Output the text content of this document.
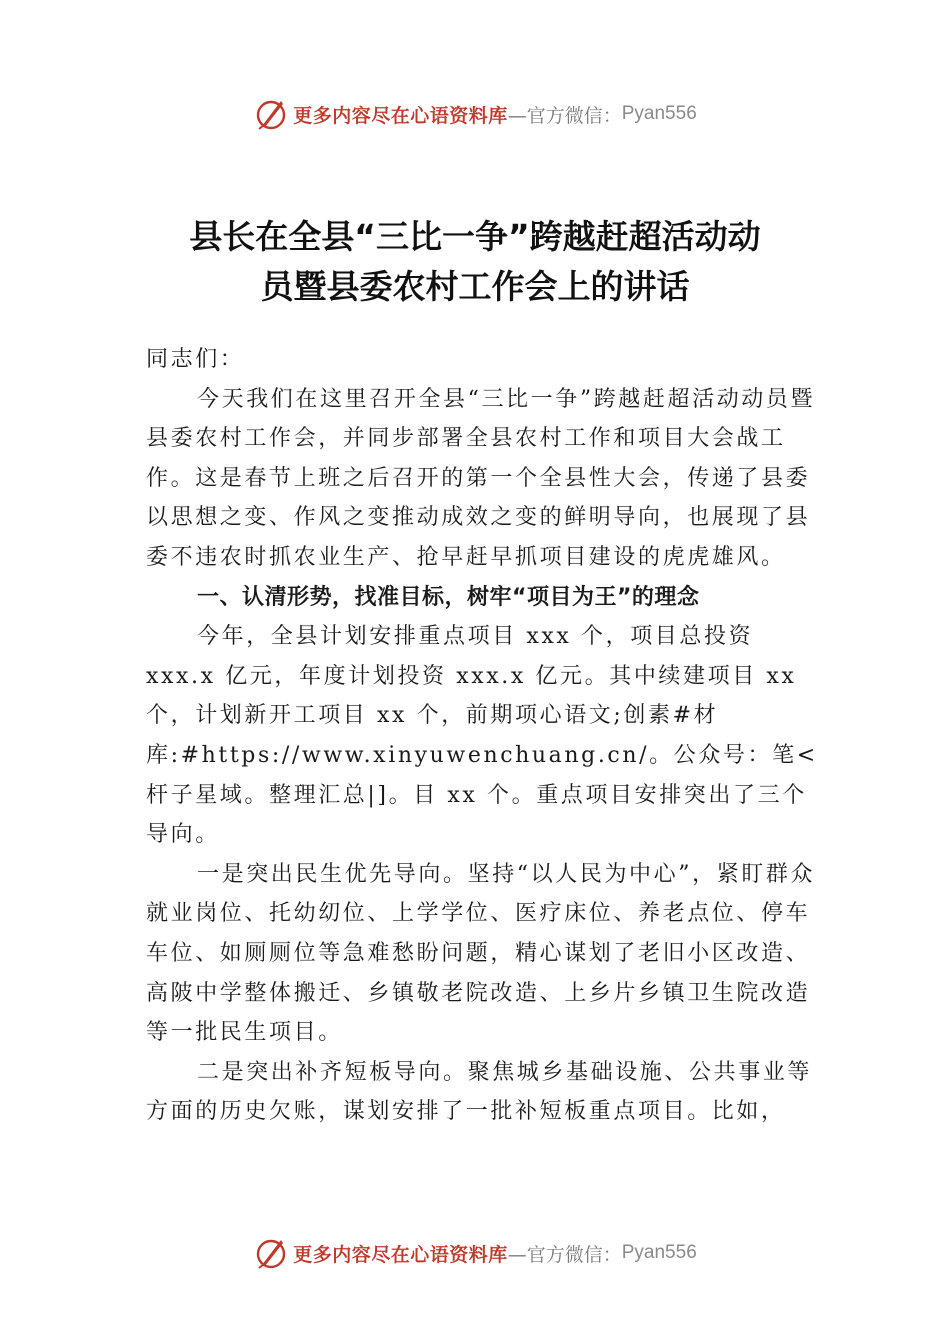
更多内容尽在心语资料库 —官方微信： Pyan556
县长在全县“三比一争”跨越赶超活动动
员暨县委农村工作会上的讲话

同志们：

今天我们在这里召开全县“三比一争”跨越赶超活动动员暨县委农村工作会，并同步部署全县农村工作和项目大会战工作。这是春节上班之后召开的第一个全县性大会，传递了县委以思想之变、作风之变推动成效之变的鲜明导向，也展现了县委不违农时抓农业生产、抢早赶早抓项目建设的虎虎雄风。

一、认清形势，找准目标，树牢“项目为王”的理念

今年，全县计划安排重点项目 xxx 个，项目总投资 xxx.x 亿元，年度计划投资 xxx.x 亿元。其中续建项目 xx 个，计划新开工项目 xx 个，前期项心语文;创素#材库:#https://www.xinyuwenchuang.cn/。公众号：笔<杆子星域。整理汇总|]。目 xx 个。重点项目安排突出了三个导向。

一是突出民生优先导向。坚持“以人民为中心”，紧盯群众就业岗位、托幼㓜位、上学学位、医疗床位、养老点位、停车车位、如厕厕位等急难愁盼问题，精心谋划了老旧小区改造、高陂中学整体搬迁、乡镇敬老院改造、上乡片乡镇卫生院改造等一批民生项目。

二是突出补齐短板导向。聚焦城乡基础设施、公共事业等方面的历史欠账，谋划安排了一批补短板重点项目。比如，

更多内容尽在心语资料库 —官方微信： Pyan556
